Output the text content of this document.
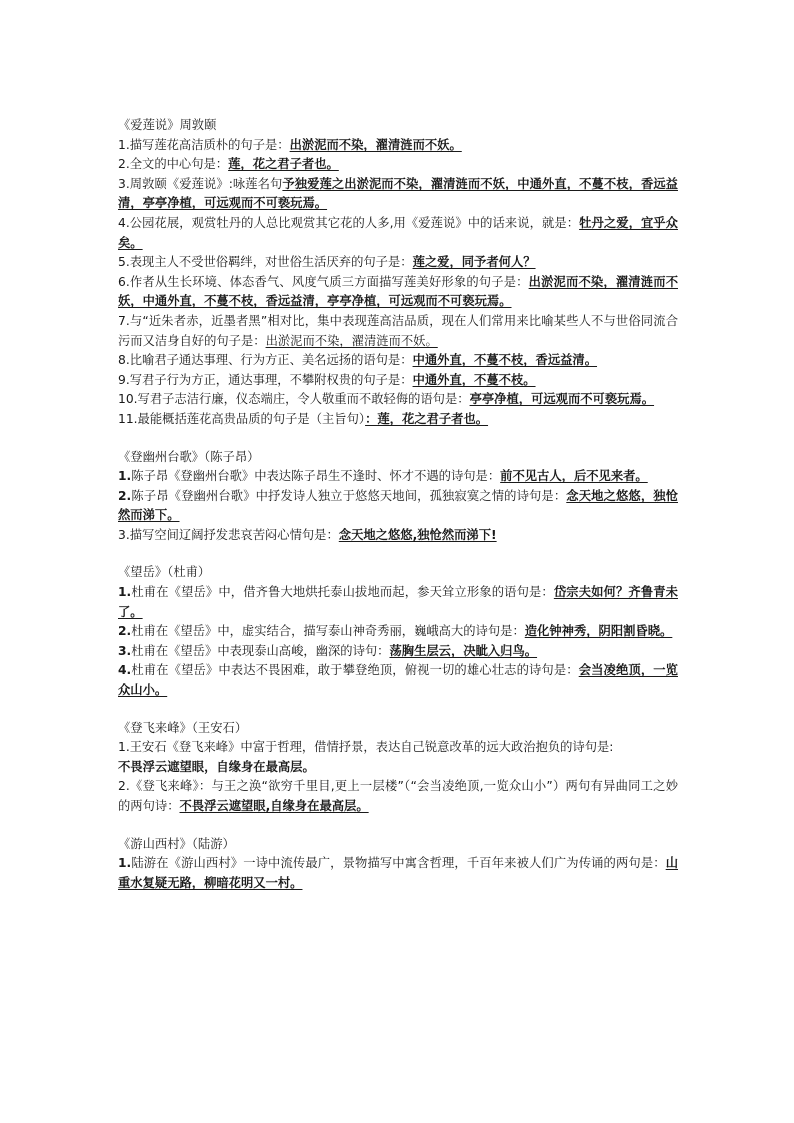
《爱莲说》周敦颐
1.描写莲花高洁质朴的句子是：出淤泥而不染，濯清涟而不妖。
2.全文的中心句是：莲，花之君子者也。
3.周敦颐《爱莲说》:咏莲名句予独爱莲之出淤泥而不染，濯清涟而不妖，中通外直，不蔓不枝，香远益清，亭亭净植，可远观而不可亵玩焉。
4.公园花展，观赏牡丹的人总比观赏其它花的人多,用《爱莲说》中的话来说，就是：牡丹之爱，宜乎众矣。
5.表现主人不受世俗羁绊，对世俗生活厌弃的句子是：莲之爱，同予者何人？
6.作者从生长环境、体态香气、风度气质三方面描写莲美好形象的句子是：出淤泥而不染，濯清涟而不妖，中通外直，不蔓不枝，香远益清，亭亭净植，可远观而不可亵玩焉。
7.与“近朱者赤，近墨者黑”相对比，集中表现莲高洁品质，现在人们常用来比喻某些人不与世俗同流合污而又洁身自好的句子是：出淤泥而不染，濯清涟而不妖。
8.比喻君子通达事理、行为方正、美名远扬的语句是：中通外直，不蔓不枝，香远益清。
9.写君子行为方正，通达事理，不攀附权贵的句子是：中通外直，不蔓不枝。
10.写君子志洁行廉，仪态端庄，令人敬重而不敢轻侮的语句是：亭亭净植，可远观而不可亵玩焉。
11.最能概括莲花高贵品质的句子是（主旨句）：莲，花之君子者也。
《登幽州台歌》（陈子昂）
1.陈子昂《登幽州台歌》中表达陈子昂生不逢时、怀才不遇的诗句是：前不见古人，后不见来者。
2.陈子昂《登幽州台歌》中抒发诗人独立于悠悠天地间，孤独寂寞之情的诗句是：念天地之悠悠，独怆然而涕下。
3.描写空间辽阔抒发悲哀苦闷心情句是：念天地之悠悠,独怆然而涕下!
《望岳》（杜甫）
1.杜甫在《望岳》中，借齐鲁大地烘托泰山拔地而起，参天耸立形象的语句是：岱宗夫如何？齐鲁青未了。
2.杜甫在《望岳》中，虚实结合，描写泰山神奇秀丽，巍峨高大的诗句是：造化钟神秀，阴阳割昏晓。
3.杜甫在《望岳》中表现泰山高峻，幽深的诗句：荡胸生层云，决眦入归鸟。
4.杜甫在《望岳》中表达不畏困难，敢于攀登绝顶，俯视一切的雄心壮志的诗句是：会当凌绝顶，一览众山小。
《登飞来峰》（王安石）
1.王安石《登飞来峰》中富于哲理，借情抒景，表达自己锐意改革的远大政治抱负的诗句是:
不畏浮云遮望眼，自缘身在最高层。
2.《登飞来峰》：与王之涣“欲穷千里目,更上一层楼”（“会当凌绝顶,一览众山小”）两句有异曲同工之妙的两句诗：不畏浮云遮望眼,自缘身在最高层。
《游山西村》（陆游）
1.陆游在《游山西村》一诗中流传最广，景物描写中寓含哲理，千百年来被人们广为传诵的两句是：山重水复疑无路，柳暗花明又一村。
